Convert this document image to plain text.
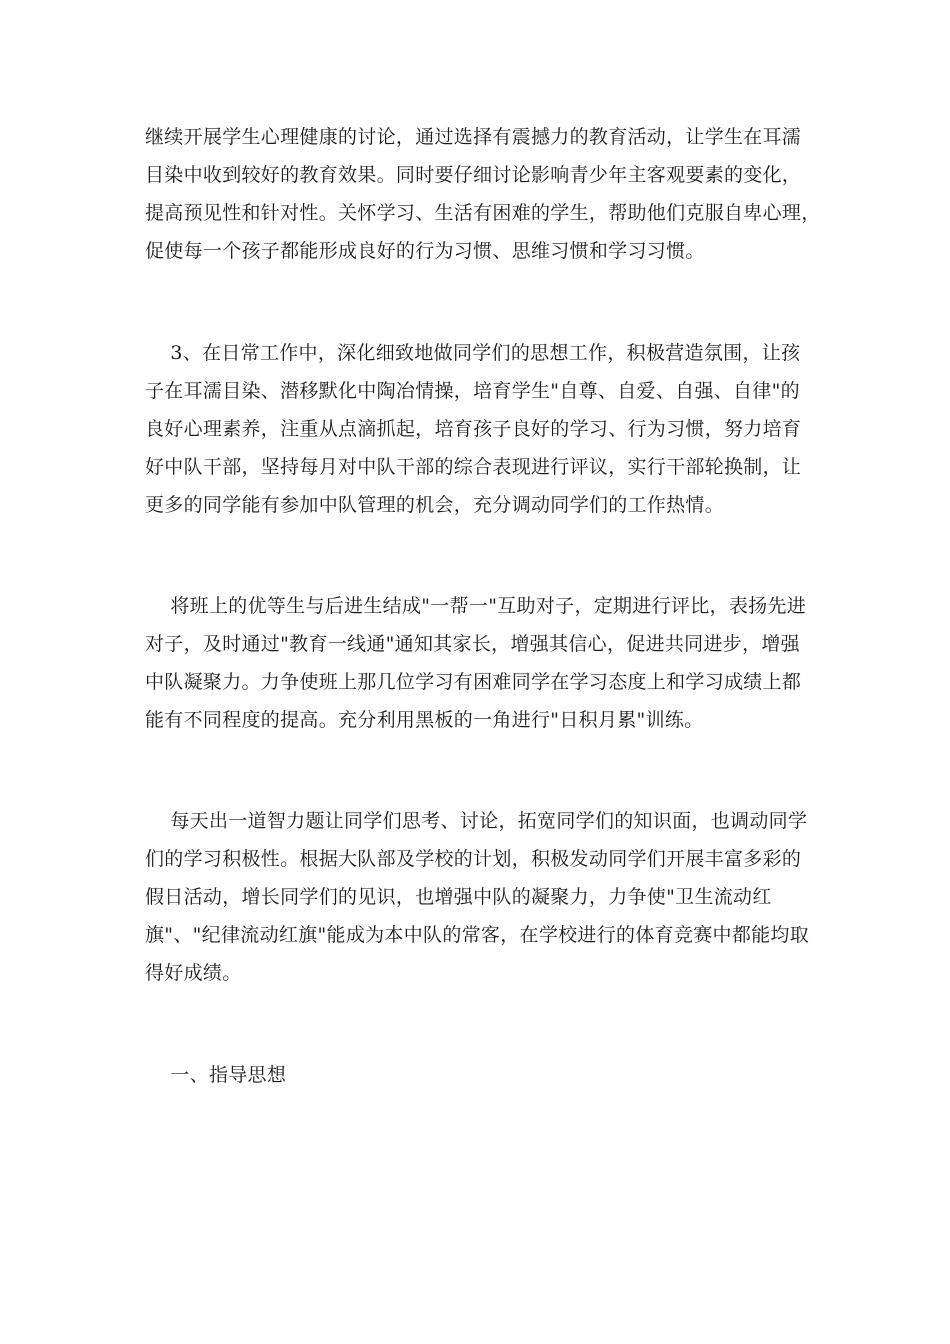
继续开展学生心理健康的讨论，通过选择有震撼力的教育活动，让学生在耳濡
目染中收到较好的教育效果。同时要仔细讨论影响青少年主客观要素的变化，
提高预见性和针对性。关怀学习、生活有困难的学生，帮助他们克服自卑心理，
促使每一个孩子都能形成良好的行为习惯、思维习惯和学习习惯。
3、在日常工作中，深化细致地做同学们的思想工作，积极营造氛围，让孩
子在耳濡目染、潜移默化中陶冶情操，培育学生"自尊、自爱、自强、自律"的
良好心理素养，注重从点滴抓起，培育孩子良好的学习、行为习惯，努力培育
好中队干部，坚持每月对中队干部的综合表现进行评议，实行干部轮换制，让
更多的同学能有参加中队管理的机会，充分调动同学们的工作热情。
将班上的优等生与后进生结成"一帮一"互助对子，定期进行评比，表扬先进
对子，及时通过"教育一线通"通知其家长，增强其信心，促进共同进步，增强
中队凝聚力。力争使班上那几位学习有困难同学在学习态度上和学习成绩上都
能有不同程度的提高。充分利用黑板的一角进行"日积月累"训练。
每天出一道智力题让同学们思考、讨论，拓宽同学们的知识面，也调动同学
们的学习积极性。根据大队部及学校的计划，积极发动同学们开展丰富多彩的
假日活动，增长同学们的见识，也增强中队的凝聚力，力争使"卫生流动红
旗"、"纪律流动红旗"能成为本中队的常客，在学校进行的体育竞赛中都能均取
得好成绩。
一、指导思想
